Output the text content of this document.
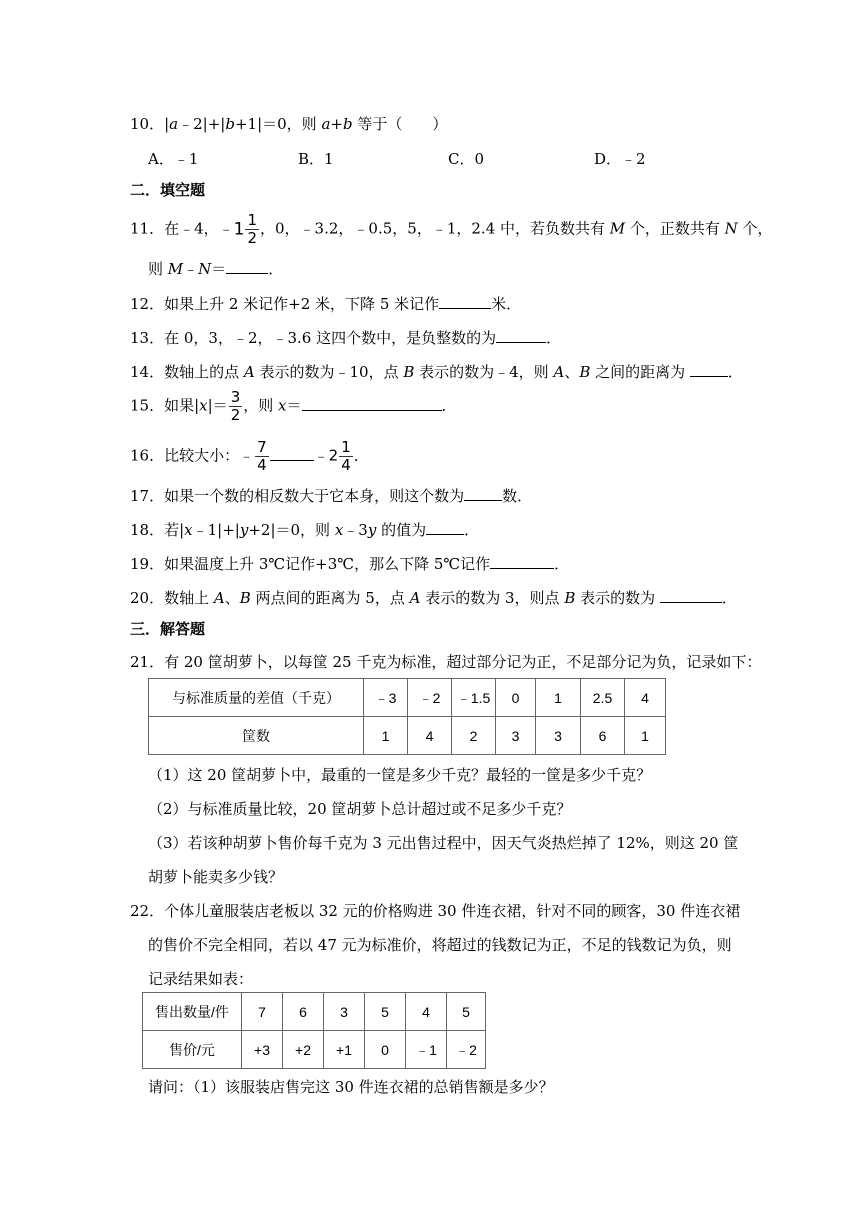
10．|a﹣2|+|b+1|＝0，则 a+b 等于（　　）
A．﹣1	B．1	C．0	D．﹣2
二．填空题
11．在﹣4，﹣1 $\frac{1}{2}$ ，0，﹣3.2，﹣0.5，5，﹣1，2.4 中，若负数共有 M 个，正数共有 N 个，
则 M﹣N＝	．
12．如果上升 2 米记作+2 米，下降 5 米记作	米．
13．在 0，3，﹣2，﹣3.6 这四个数中，是负整数的为	．
14．数轴上的点 A 表示的数为﹣10，点 B 表示的数为﹣4，则 A、B 之间的距离为	．
15．如果$|x|= \frac{3}{2}$ ，则 x＝	．
16．比较大小：﹣ $\frac{7}{4}$	﹣2 $\frac{1}{4}$ ．
17．如果一个数的相反数大于它本身，则这个数为	数．
18．若|x﹣1|+|y+2|＝0，则 x﹣3y 的值为	．
19．如果温度上升 3℃记作+3℃，那么下降 5℃记作	．
20．数轴上 A、B 两点间的距离为 5，点 A 表示的数为 3，则点 B 表示的数为	．
三．解答题
21．有 20 筐胡萝卜，以每筐 25 千克为标准，超过部分记为正，不足部分记为负，记录如下：
与标准质量的差值（千克）	﹣3	﹣2	﹣1.5	0	1	2.5	4
筐数	1	4	2	3	3	6	1
（1）这 20 筐胡萝卜中，最重的一筐是多少千克？最轻的一筐是多少千克？
（2）与标准质量比较，20 筐胡萝卜总计超过或不足多少千克？
（3）若该种胡萝卜售价每千克为 3 元出售过程中，因天气炎热烂掉了 12%，则这 20 筐
胡萝卜能卖多少钱？
22．个体儿童服装店老板以 32 元的价格购进 30 件连衣裙，针对不同的顾客，30 件连衣裙
的售价不完全相同，若以 47 元为标准价，将超过的钱数记为正，不足的钱数记为负，则
记录结果如表：
售出数量/件	7	6	3	5	4	5
售价/元	+3	+2	+1	0	﹣1	﹣2
请问：（1）该服装店售完这 30 件连衣裙的总销售额是多少？
